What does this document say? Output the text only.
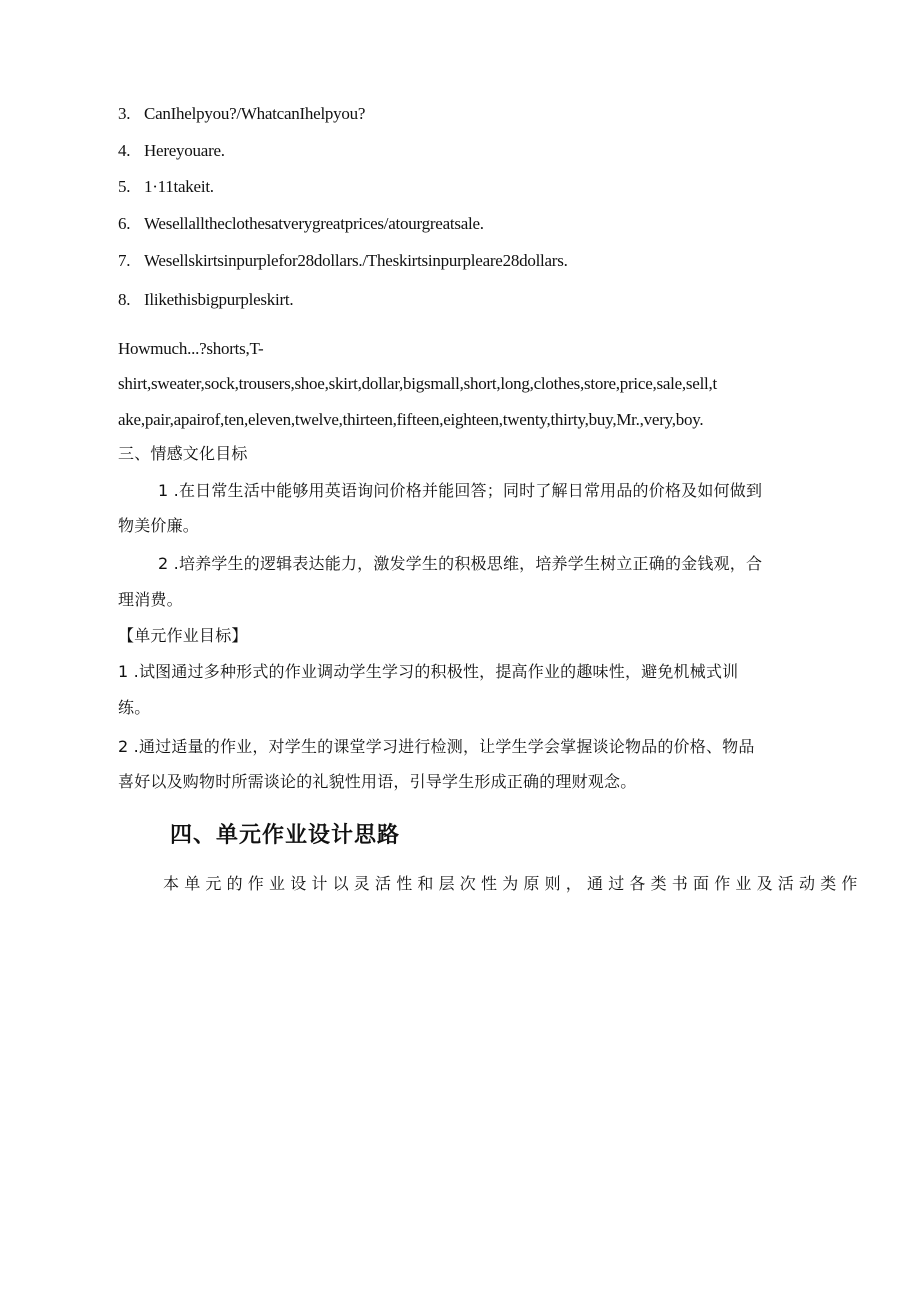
3. CanIhelpyou?/WhatcanIhelpyou?
4. Hereyouare.
5. 1·11takeit.
6. Wesellalltheclothesatverygreatprices/atourgreatsale.
7. Wesellskirtsinpurplefor28dollars./Theskirtsinpurpleare28dollars.
8. Ilikethisbigpurpleskirt.
Howmuch...?shorts,T-
shirt,sweater,sock,trousers,shoe,skirt,dollar,bigsmall,short,long,clothes,store,price,sale,sell,t
ake,pair,apairof,ten,eleven,twelve,thirteen,fifteen,eighteen,twenty,thirty,buy,Mr.,very,boy.
三、情感文化目标
1 .在日常生活中能够用英语询问价格并能回答；同时了解日常用品的价格及如何做到
物美价廉。
2 .培养学生的逻辑表达能力，激发学生的积极思维，培养学生树立正确的金钱观，合
理消费。
【单元作业目标】
1 .试图通过多种形式的作业调动学生学习的积极性，提高作业的趣味性，避免机械式训
练。
2 .通过适量的作业，对学生的课堂学习进行检测，让学生学会掌握谈论物品的价格、物品
喜好以及购物时所需谈论的礼貌性用语，引导学生形成正确的理财观念。
四、单元作业设计思路
本单元的作业设计以灵活性和层次性为原则，通过各类书面作业及活动类作
